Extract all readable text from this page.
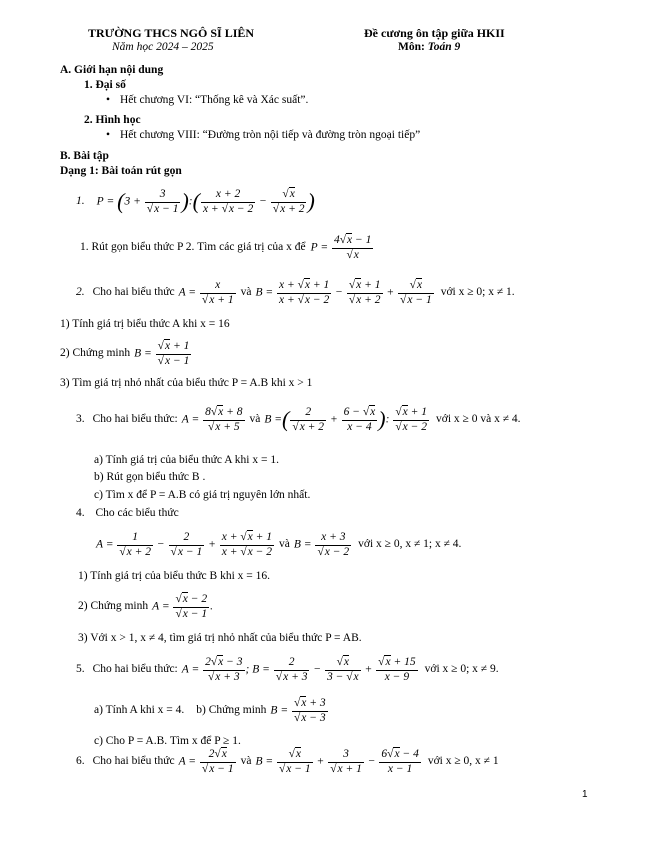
TRƯỜNG THCS NGÔ SĨ LIÊN
Năm học 2024 – 2025
Đề cương ôn tập giữa HKII
Môn: Toán 9
A. Giới hạn nội dung
1. Đại số
• Hết chương VI: “Thống kê và Xác suất”.
2. Hình học
• Hết chương VIII: “Đường tròn nội tiếp và đường tròn ngoại tiếp”
B. Bài tập
Dạng 1: Bài toán rút gọn
1. $P = (3 + \frac{3}{√x - 1}$ ):( $\frac{x + 2}{x + √x - 2} - \frac{√x}{√x + 2}$ )
1. Rút gọn biểu thức P 2. Tìm các giá trị của x để $P = \frac{4√x - 1}{√x}$
2. Cho hai biểu thức $A = \frac{x}{√x + 1}$ và $B = \frac{x + √x + 1}{x + √x - 2} - \frac{√x + 1}{√x + 2} + \frac{√x}{√x - 1}$ với x ≥ 0; x ≠ 1.
1) Tính giá trị biểu thức A khi x = 16
2) Chứng minh $B = \frac{√x + 1}{√x - 1}$
3) Tìm giá trị nhỏ nhất của biểu thức P = A.B khi x > 1
3. Cho hai biểu thức: $A = \frac{8√x + 8}{√x + 5}$ và B =( $\frac{2}{√x + 2} + \frac{6 - √x}{x - 4}$ ): $\frac{√x + 1}{√x - 2}$ với x ≥ 0 và x ≠ 4.
a) Tính giá trị của biểu thức A khi x = 1.
b) Rút gọn biểu thức B .
c) Tìm x để P = A.B có giá trị nguyên lớn nhất.
4. Cho các biểu thức
$A = \frac{1}{√x + 2} - \frac{2}{√x - 1} + \frac{x + √x + 1}{x + √x - 2}$ và $B = \frac{x + 3}{√x - 2}$ với x ≥ 0, x ≠ 1; x ≠ 4.
1) Tính giá trị của biểu thức B khi x = 16.
2) Chứng minh $A = \frac{√x - 2}{√x - 1}$ .
3) Với x > 1, x ≠ 4, tìm giá trị nhỏ nhất của biểu thức P = AB.
5. Cho hai biểu thức: $A = \frac{2√x - 3}{√x + 3}$ ; $B = \frac{2}{√x + 3} - \frac{√x}{3 - √x} + \frac{√x + 15}{x - 9}$ với x ≥ 0; x ≠ 9.
a) Tính A khi x = 4. b) Chứng minh $B = \frac{√x + 3}{√x - 3}$
c) Cho P = A.B. Tìm x để P ≥ 1.
6. Cho hai biểu thức $A = \frac{2√x}{√x - 1}$ và $B = \frac{√x}{√x - 1} + \frac{3}{√x + 1} - \frac{6√x - 4}{x - 1}$ với x ≥ 0, x ≠ 1
1
